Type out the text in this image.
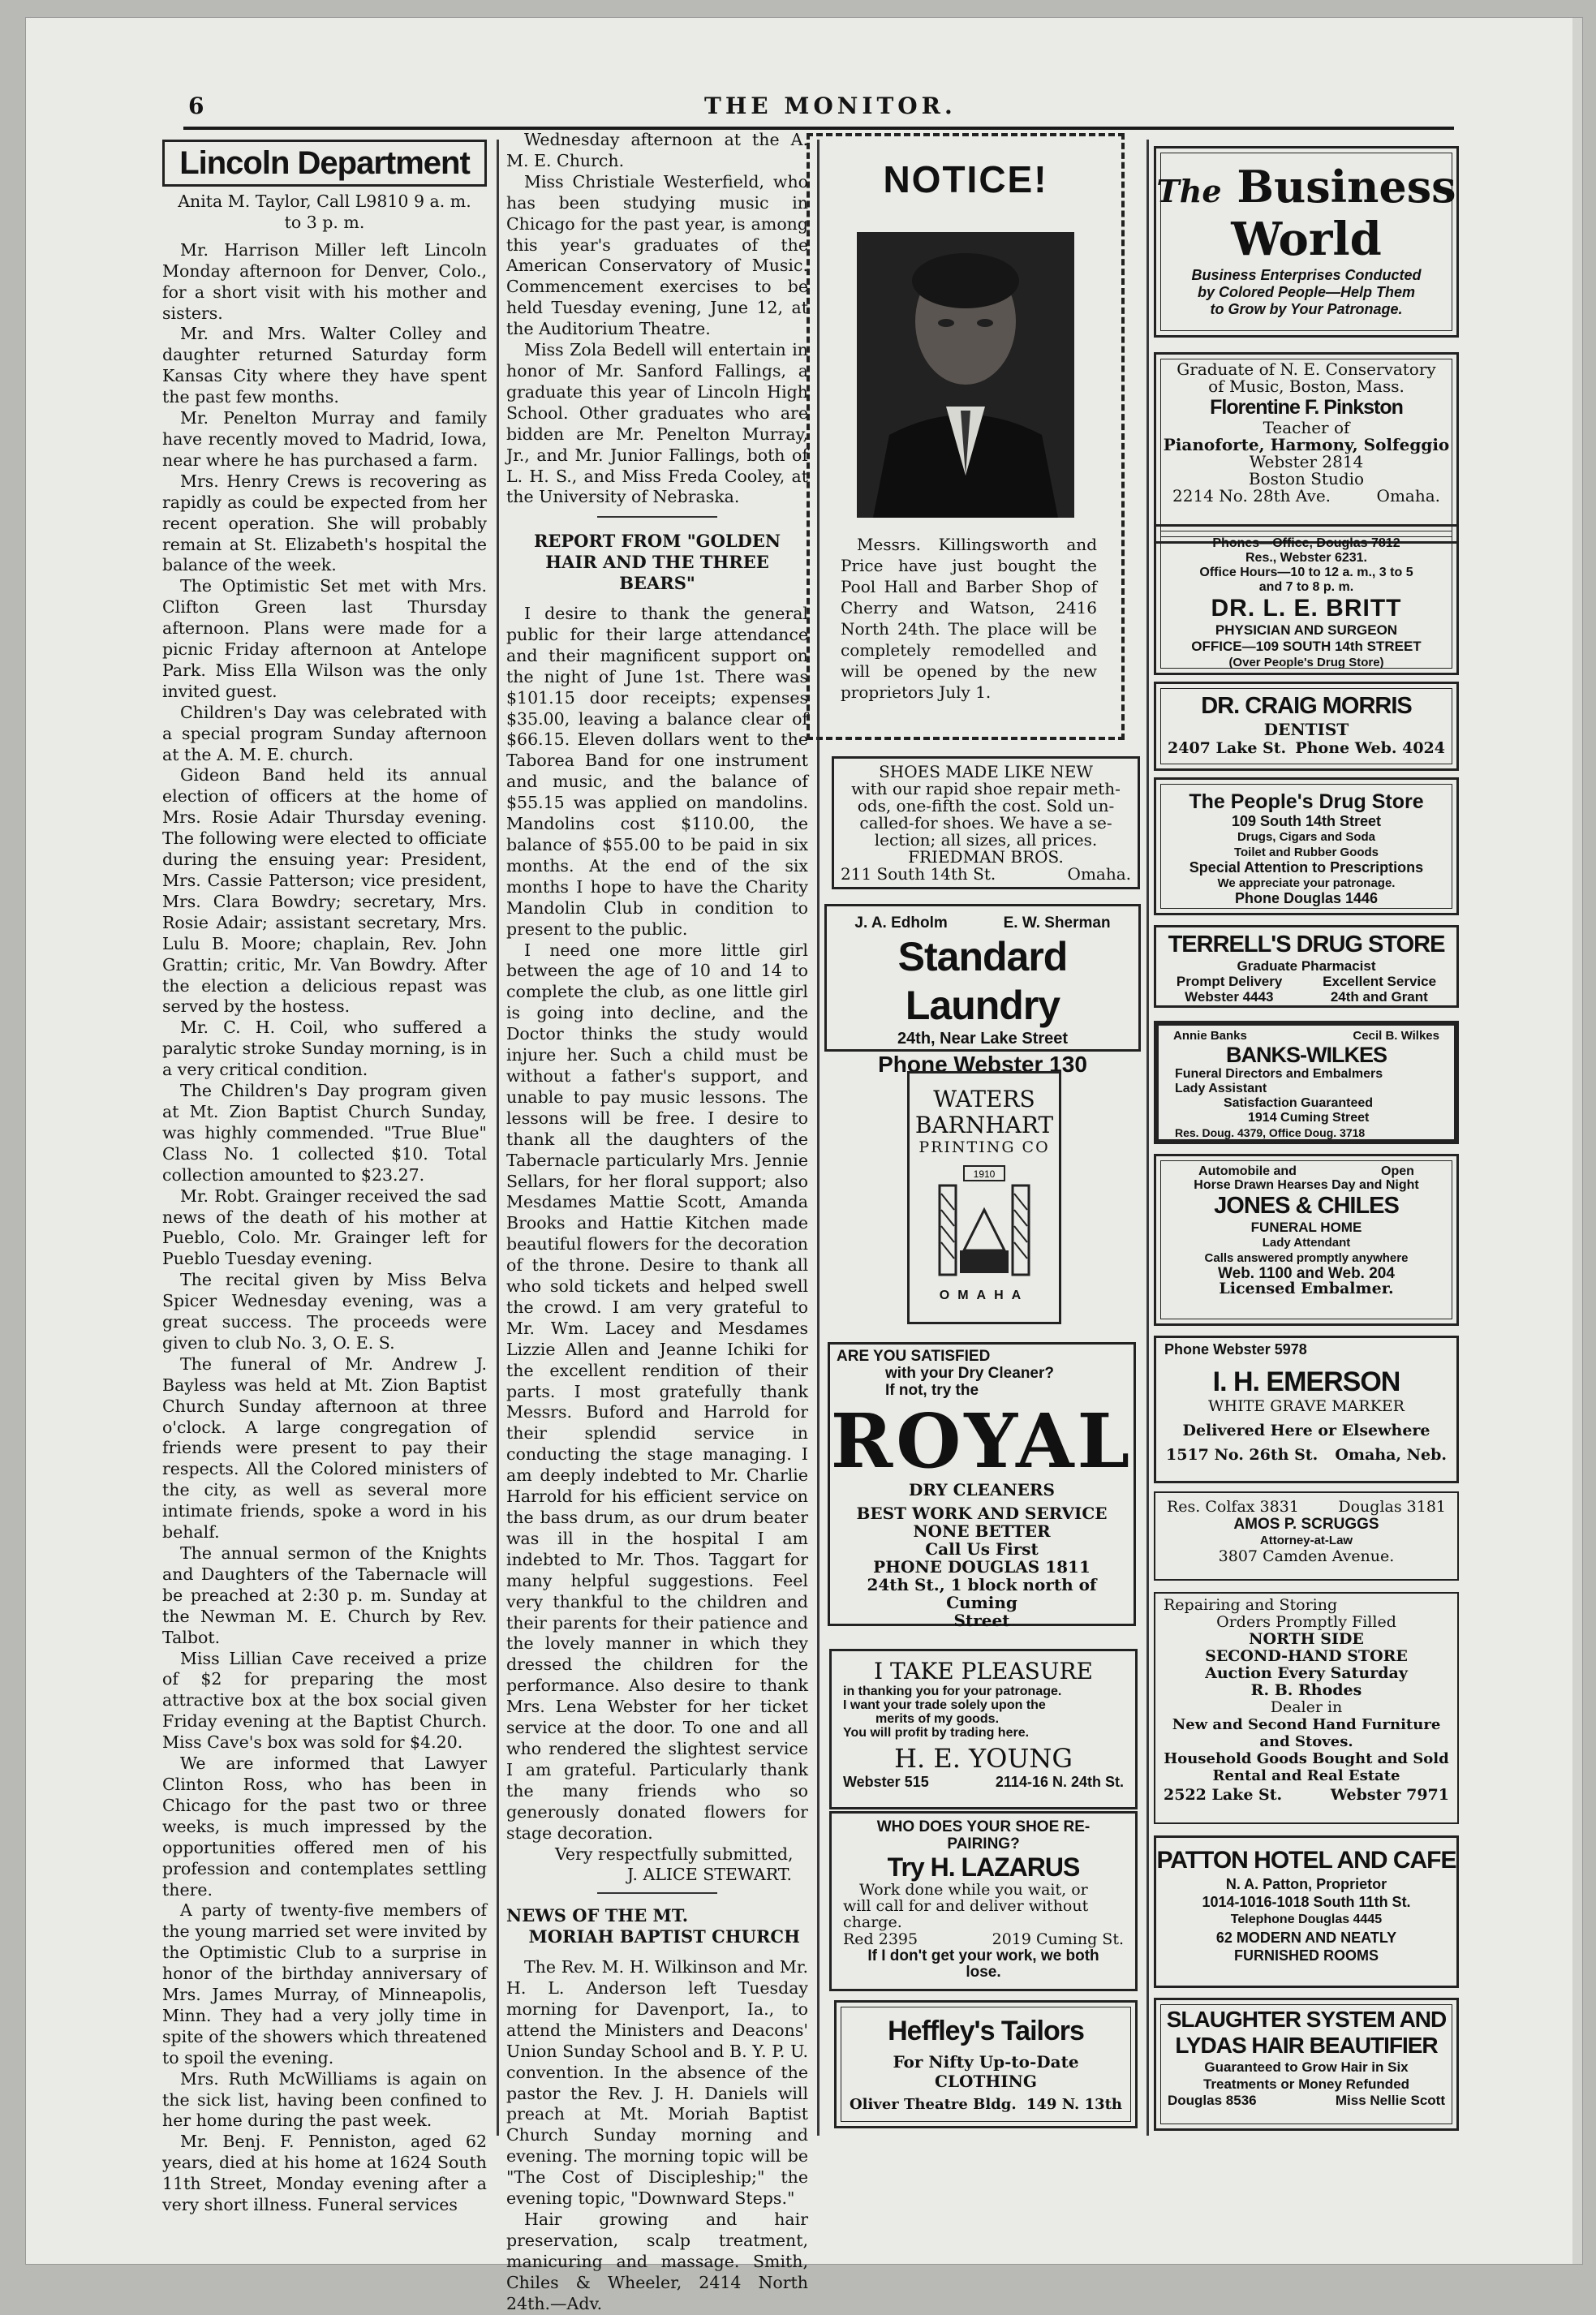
6	THE MONITOR.
Lincoln Department
Anita M. Taylor, Call L9810 9 a. m.
to 3 p. m.

Mr. Harrison Miller left Lincoln Monday afternoon for Denver, Colo., for a short visit with his mother and sisters.

Mr. and Mrs. Walter Colley and daughter returned Saturday form Kansas City where they have spent the past few months.

Mr. Penelton Murray and family have recently moved to Madrid, Iowa, near where he has purchased a farm.

Mrs. Henry Crews is recovering as rapidly as could be expected from her recent operation. She will probably remain at St. Elizabeth's hospital the balance of the week.

The Optimistic Set met with Mrs. Clifton Green last Thursday afternoon. Plans were made for a picnic Friday afternoon at Antelope Park. Miss Ella Wilson was the only invited guest.

Children's Day was celebrated with a special program Sunday afternoon at the A. M. E. church.

Gideon Band held its annual election of officers at the home of Mrs. Rosie Adair Thursday evening. The following were elected to officiate during the ensuing year: President, Mrs. Cassie Patterson; vice president, Mrs. Clara Bowdry; secretary, Mrs. Rosie Adair; assistant secretary, Mrs. Lulu B. Moore; chaplain, Rev. John Grattin; critic, Mr. Van Bowdry. After the election a delicious repast was served by the hostess.

Mr. C. H. Coil, who suffered a paralytic stroke Sunday morning, is in a very critical condition.

The Children's Day program given at Mt. Zion Baptist Church Sunday, was highly commended. "True Blue" Class No. 1 collected $10. Total collection amounted to $23.27.

Mr. Robt. Grainger received the sad news of the death of his mother at Pueblo, Colo. Mr. Grainger left for Pueblo Tuesday evening.

The recital given by Miss Belva Spicer Wednesday evening, was a great success. The proceeds were given to club No. 3, O. E. S.

The funeral of Mr. Andrew J. Bayless was held at Mt. Zion Baptist Church Sunday afternoon at three o'clock. A large congregation of friends were present to pay their respects. All the Colored ministers of the city, as well as several more intimate friends, spoke a word in his behalf.

The annual sermon of the Knights and Daughters of the Tabernacle will be preached at 2:30 p. m. Sunday at the Newman M. E. Church by Rev. Talbot.

Miss Lillian Cave received a prize of $2 for preparing the most attractive box at the box social given Friday evening at the Baptist Church. Miss Cave's box was sold for $4.20.

We are informed that Lawyer Clinton Ross, who has been in Chicago for the past two or three weeks, is much impressed by the opportunities offered men of his profession and contemplates settling there.

A party of twenty-five members of the young married set were invited by the Optimistic Club to a surprise in honor of the birthday anniversary of Mrs. James Murray, of Minneapolis, Minn. They had a very jolly time in spite of the showers which threatened to spoil the evening.

Mrs. Ruth McWilliams is again on the sick list, having been confined to her home during the past week.

Mr. Benj. F. Penniston, aged 62 years, died at his home at 1624 South 11th Street, Monday evening after a very short illness. Funeral services

Wednesday afternoon at the A. M. E. Church.

Miss Christiale Westerfield, who has been studying music in Chicago for the past year, is among this year's graduates of the American Conservatory of Music. Commencement exercises to be held Tuesday evening, June 12, at the Auditorium Theatre.

Miss Zola Bedell will entertain in honor of Mr. Sanford Fallings, a graduate this year of Lincoln High School. Other graduates who are bidden are Mr. Penelton Murray, Jr., and Mr. Junior Fallings, both of L. H. S., and Miss Freda Cooley, at the University of Nebraska.

REPORT FROM "GOLDEN HAIR AND THE THREE BEARS"

I desire to thank the general public for their large attendance and their magnificent support on the night of June 1st. There was $101.15 door receipts; expenses $35.00, leaving a balance clear of $66.15. Eleven dollars went to the Taborea Band for one instrument and music, and the balance of $55.15 was applied on mandolins. Mandolins cost $110.00, the balance of $55.00 to be paid in six months. At the end of the six months I hope to have the Charity Mandolin Club in condition to present to the public.

I need one more little girl between the age of 10 and 14 to complete the club, as one little girl is going into decline, and the Doctor thinks the study would injure her. Such a child must be without a father's support, and unable to pay music lessons. The lessons will be free. I desire to thank all the daughters of the Tabernacle particularly Mrs. Jennie Sellars, for her floral support; also Mesdames Mattie Scott, Amanda Brooks and Hattie Kitchen made beautiful flowers for the decoration of the throne. Desire to thank all who sold tickets and helped swell the crowd. I am very grateful to Mr. Wm. Lacey and Mesdames Lizzie Allen and Jeanne Ichiki for the excellent rendition of their parts. I most gratefully thank Messrs. Buford and Harrold for their splendid service in conducting the stage managing. I am deeply indebted to Mr. Charlie Harrold for his efficient service on the bass drum, as our drum beater was ill in the hospital I am indebted to Mr. Thos. Taggart for many helpful suggestions. Feel very thankful to the children and their parents for their patience and the lovely manner in which they dressed the children for the performance. Also desire to thank Mrs. Lena Webster for her ticket service at the door. To one and all who rendered the slightest service I am grateful. Particularly thank the many friends who so generously donated flowers for stage decoration.

Very respectfully submitted,

J. ALICE STEWART.

NEWS OF THE MT.
MORIAH BAPTIST CHURCH

The Rev. M. H. Wilkinson and Mr. H. L. Anderson left Tuesday morning for Davenport, Ia., to attend the Ministers and Deacons' Union Sunday School and B. Y. P. U. convention. In the absence of the pastor the Rev. J. H. Daniels will preach at Mt. Moriah Baptist Church Sunday morning and evening. The morning topic will be "The Cost of Discipleship;" the evening topic, "Downward Steps."

Hair growing and hair preservation, scalp treatment, manicuring and massage. Smith, Chiles & Wheeler, 2414 North 24th.—Adv.

NOTICE!
Messrs. Killingsworth and Price have just bought the Pool Hall and Barber Shop of Cherry and Watson, 2416 North 24th. The place will be completely remodelled and will be opened by the new proprietors July 1.
SHOES MADE LIKE NEW
with our rapid shoe repair meth-
ods, one-fifth the cost. Sold un-
called-for shoes. We have a se-
lection; all sizes, all prices.
FRIEDMAN BROS.
211 South 14th St.	Omaha.
J. A. Edholm	E. W. Sherman
Standard Laundry
24th, Near Lake Street
Phone Webster 130
WATERS
BARNHART
PRINTING CO
1910
OMAHA
ARE YOU SATISFIED
with your Dry Cleaner?
If not, try the
ROYAL
DRY CLEANERS
BEST WORK AND SERVICE
NONE BETTER
Call Us First
PHONE DOUGLAS 1811
24th St., 1 block north of Cuming
Street
I TAKE PLEASURE
in thanking you for your patronage.
I want your trade solely upon the
merits of my goods.
You will profit by trading here.
H. E. YOUNG
Webster 515	2114-16 N. 24th St.
WHO DOES YOUR SHOE RE-
PAIRING?
Try H. LAZARUS
Work done while you wait, or
will call for and deliver without
charge.
Red 2395	2019 Cuming St.
If I don't get your work, we both
lose.
Heffley's Tailors
For Nifty Up-to-Date
CLOTHING
Oliver Theatre Bldg. 149 N. 13th
The Business
World
Business Enterprises Conducted
by Colored People—Help Them
to Grow by Your Patronage.
Graduate of N. E. Conservatory
of Music, Boston, Mass.
Florentine F. Pinkston
Teacher of
Pianoforte, Harmony, Solfeggio
Webster 2814
Boston Studio
2214 No. 28th Ave.	Omaha.
Phones—Office, Douglas 7812
Res., Webster 6231.
Office Hours—10 to 12 a. m., 3 to 5
and 7 to 8 p. m.
DR. L. E. BRITT
PHYSICIAN AND SURGEON
OFFICE—109 SOUTH 14th STREET
(Over People's Drug Store)
DR. CRAIG MORRIS
DENTIST
2407 Lake St. Phone Web. 4024
The People's Drug Store
109 South 14th Street
Drugs, Cigars and Soda
Toilet and Rubber Goods
Special Attention to Prescriptions
We appreciate your patronage.
Phone Douglas 1446
TERRELL'S DRUG STORE
Graduate Pharmacist
Prompt Delivery	Excellent Service
Webster 4443	24th and Grant
Annie Banks	Cecil B. Wilkes
BANKS-WILKES
Funeral Directors and Embalmers
Lady Assistant
Satisfaction Guaranteed
1914 Cuming Street
Res. Doug. 4379, Office Doug. 3718
Automobile and	Open
Horse Drawn Hearses Day and Night
JONES & CHILES
FUNERAL HOME
Lady Attendant
Calls answered promptly anywhere
Web. 1100 and Web. 204
Licensed Embalmer.
Phone Webster 5978
I. H. EMERSON
WHITE GRAVE MARKER
Delivered Here or Elsewhere
1517 No. 26th St. Omaha, Neb.
Res. Colfax 3831	Douglas 3181
AMOS P. SCRUGGS
Attorney-at-Law
3807 Camden Avenue.
Repairing and Storing
Orders Promptly Filled
NORTH SIDE
SECOND-HAND STORE
Auction Every Saturday
R. B. Rhodes
Dealer in
New and Second Hand Furniture
and Stoves.
Household Goods Bought and Sold
Rental and Real Estate
2522 Lake St.	Webster 7971
PATTON HOTEL AND CAFE
N. A. Patton, Proprietor
1014-1016-1018 South 11th St.
Telephone Douglas 4445
62 MODERN AND NEATLY
FURNISHED ROOMS
SLAUGHTER SYSTEM AND
LYDAS HAIR BEAUTIFIER
Guaranteed to Grow Hair in Six
Treatments or Money Refunded
Douglas 8536	Miss Nellie Scott
